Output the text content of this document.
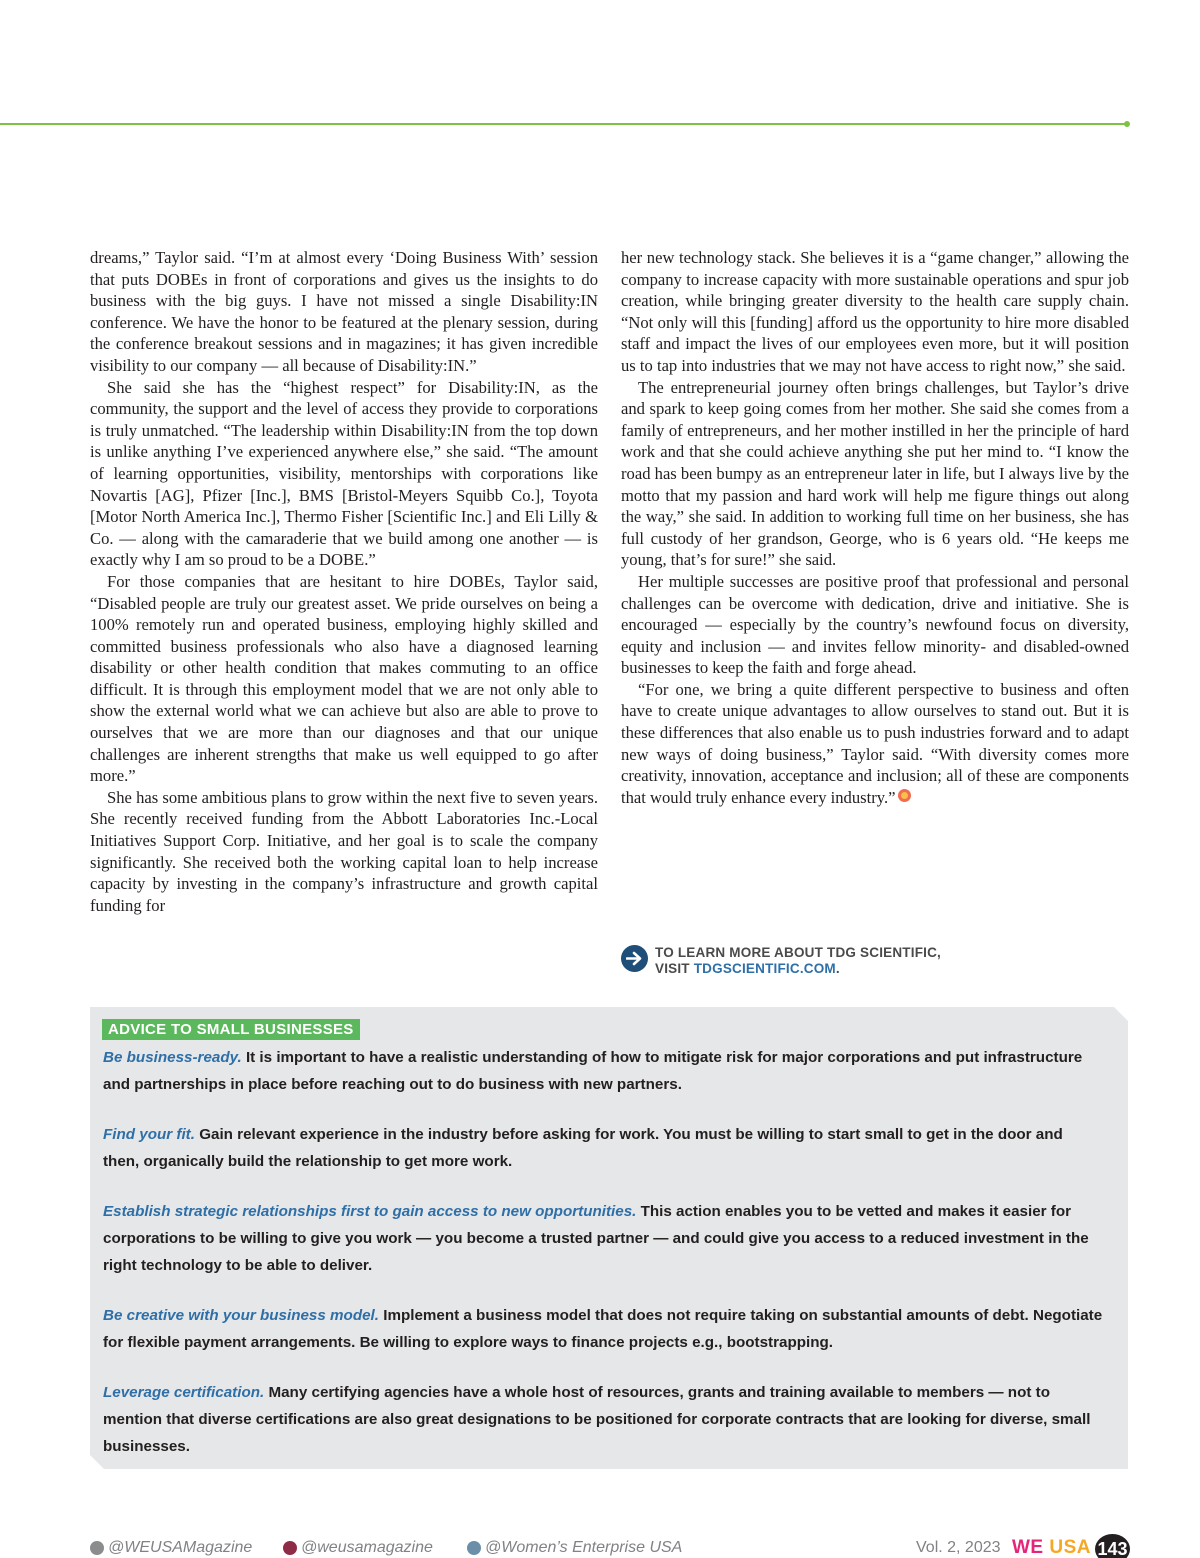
dreams,” Taylor said. “I’m at almost every ‘Doing Business With’ session that puts DOBEs in front of corporations and gives us the insights to do business with the big guys. I have not missed a single Disability:IN conference. We have the honor to be featured at the plenary session, during the conference breakout sessions and in magazines; it has given incredible visibility to our company — all because of Disability:IN.”

She said she has the “highest respect” for Disability:IN, as the community, the support and the level of access they provide to corporations is truly unmatched. “The leadership within Disability:IN from the top down is unlike anything I’ve experienced anywhere else,” she said. “The amount of learning opportunities, visibility, mentorships with corporations like Novartis [AG], Pfizer [Inc.], BMS [Bristol-Meyers Squibb Co.], Toyota [Motor North America Inc.], Thermo Fisher [Scientific Inc.] and Eli Lilly & Co. — along with the camaraderie that we build among one another — is exactly why I am so proud to be a DOBE.”

For those companies that are hesitant to hire DOBEs, Taylor said, “Disabled people are truly our greatest asset. We pride ourselves on being a 100% remotely run and operated business, employing highly skilled and committed business professionals who also have a diagnosed learning disability or other health condition that makes commuting to an office difficult. It is through this employment model that we are not only able to show the external world what we can achieve but also are able to prove to ourselves that we are more than our diagnoses and that our unique challenges are inherent strengths that make us well equipped to go after more.”

She has some ambitious plans to grow within the next five to seven years. She recently received funding from the Abbott Laboratories Inc.-Local Initiatives Support Corp. Initiative, and her goal is to scale the company significantly. She received both the working capital loan to help increase capacity by investing in the company’s infrastructure and growth capital funding for

her new technology stack. She believes it is a “game changer,” allowing the company to increase capacity with more sustainable operations and spur job creation, while bringing greater diversity to the health care supply chain. “Not only will this [funding] afford us the opportunity to hire more disabled staff and impact the lives of our employees even more, but it will position us to tap into industries that we may not have access to right now,” she said.

The entrepreneurial journey often brings challenges, but Taylor’s drive and spark to keep going comes from her mother. She said she comes from a family of entrepreneurs, and her mother instilled in her the principle of hard work and that she could achieve anything she put her mind to. “I know the road has been bumpy as an entrepreneur later in life, but I always live by the motto that my passion and hard work will help me figure things out along the way,” she said. In addition to working full time on her business, she has full custody of her grandson, George, who is 6 years old. “He keeps me young, that’s for sure!” she said.

Her multiple successes are positive proof that professional and personal challenges can be overcome with dedication, drive and initiative. She is encouraged — especially by the country’s newfound focus on diversity, equity and inclusion — and invites fellow minority- and disabled-owned businesses to keep the faith and forge ahead.

“For one, we bring a quite different perspective to business and often have to create unique advantages to allow ourselves to stand out. But it is these differences that also enable us to push industries forward and to adapt new ways of doing business,” Taylor said. “With diversity comes more creativity, innovation, acceptance and inclusion; all of these are components that would truly enhance every industry.”

TO LEARN MORE ABOUT TDG SCIENTIFIC,
VISIT TDGSCIENTIFIC.COM.
ADVICE TO SMALL BUSINESSES
Be business-ready. It is important to have a realistic understanding of how to mitigate risk for major corporations and put infrastructure and partnerships in place before reaching out to do business with new partners.
Find your fit. Gain relevant experience in the industry before asking for work. You must be willing to start small to get in the door and then, organically build the relationship to get more work.
Establish strategic relationships first to gain access to new opportunities. This action enables you to be vetted and makes it easier for corporations to be willing to give you work — you become a trusted partner — and could give you access to a reduced investment in the right technology to be able to deliver.
Be creative with your business model. Implement a business model that does not require taking on substantial amounts of debt. Negotiate for flexible payment arrangements. Be willing to explore ways to finance projects e.g., bootstrapping.
Leverage certification. Many certifying agencies have a whole host of resources, grants and training available to members — not to mention that diverse certifications are also great designations to be positioned for corporate contracts that are looking for diverse, small businesses.
@WEUSAMagazine	@weusamagazine	@Women’s Enterprise USA	Vol. 2, 2023 WE USA 143
